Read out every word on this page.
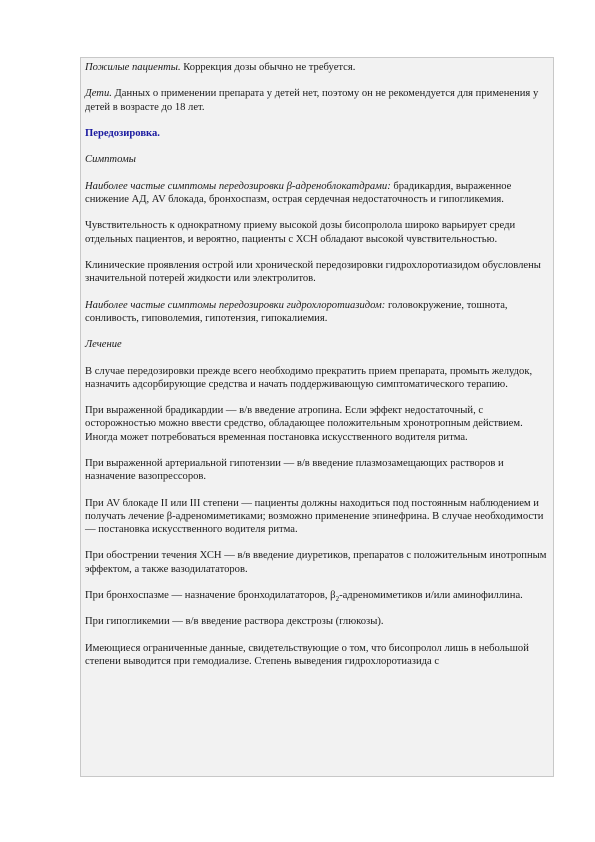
Пожилые пациенты. Коррекция дозы обычно не требуется.

Дети. Данных о применении препарата у детей нет, поэтому он не рекомендуется для применения у детей в возрасте до 18 лет.

Передозировка.

Симптомы

Наиболее частые симптомы передозировки β-адреноблокатдрами: брадикардия, выраженное снижение АД, AV блокада, бронхоспазм, острая сердечная недостаточность и гипогликемия.

Чувствительность к однократному приему высокой дозы бисопролола широко варьирует среди отдельных пациентов, и вероятно, пациенты с ХСН обладают высокой чувствительностью.

Клинические проявления острой или хронической передозировки гидрохлоротиазидом обусловлены значительной потерей жидкости или электролитов.

Наиболее частые симптомы передозировки гидрохлоротиазидом: головокружение, тошнота, сонливость, гиповолемия, гипотензия, гипокалиемия.

Лечение

В случае передозировки прежде всего необходимо прекратить прием препарата, промыть желудок, назначить адсорбирующие средства и начать поддерживающую симптоматического терапию.

При выраженной брадикардии — в/в введение атропина. Если эффект недостаточный, с осторожностью можно ввести средство, обладающее положительным хронотропным действием. Иногда может потребоваться временная постановка искусственного водителя ритма.

При выраженной артериальной гипотензии — в/в введение плазмозамещающих растворов и назначение вазопрессоров.

При AV блокаде II или III степени — пациенты должны находиться под постоянным наблюдением и получать лечение β-адреномиметиками; возможно применение эпинефрина. В случае необходимости — постановка искусственного водителя ритма.

При обострении течения ХСН — в/в введение диуретиков, препаратов с положительным инотропным эффектом, а также вазодилататоров.

При бронхоспазме — назначение бронходилататоров, $\beta_2$-адреномиметиков и/или аминофиллина.

При гипогликемии — в/в введение раствора декстрозы (глюкозы).

Имеющиеся ограниченные данные, свидетельствующие о том, что бисопролол лишь в небольшой степени выводится при гемодиализе. Степень выведения гидрохлоротиазида с
